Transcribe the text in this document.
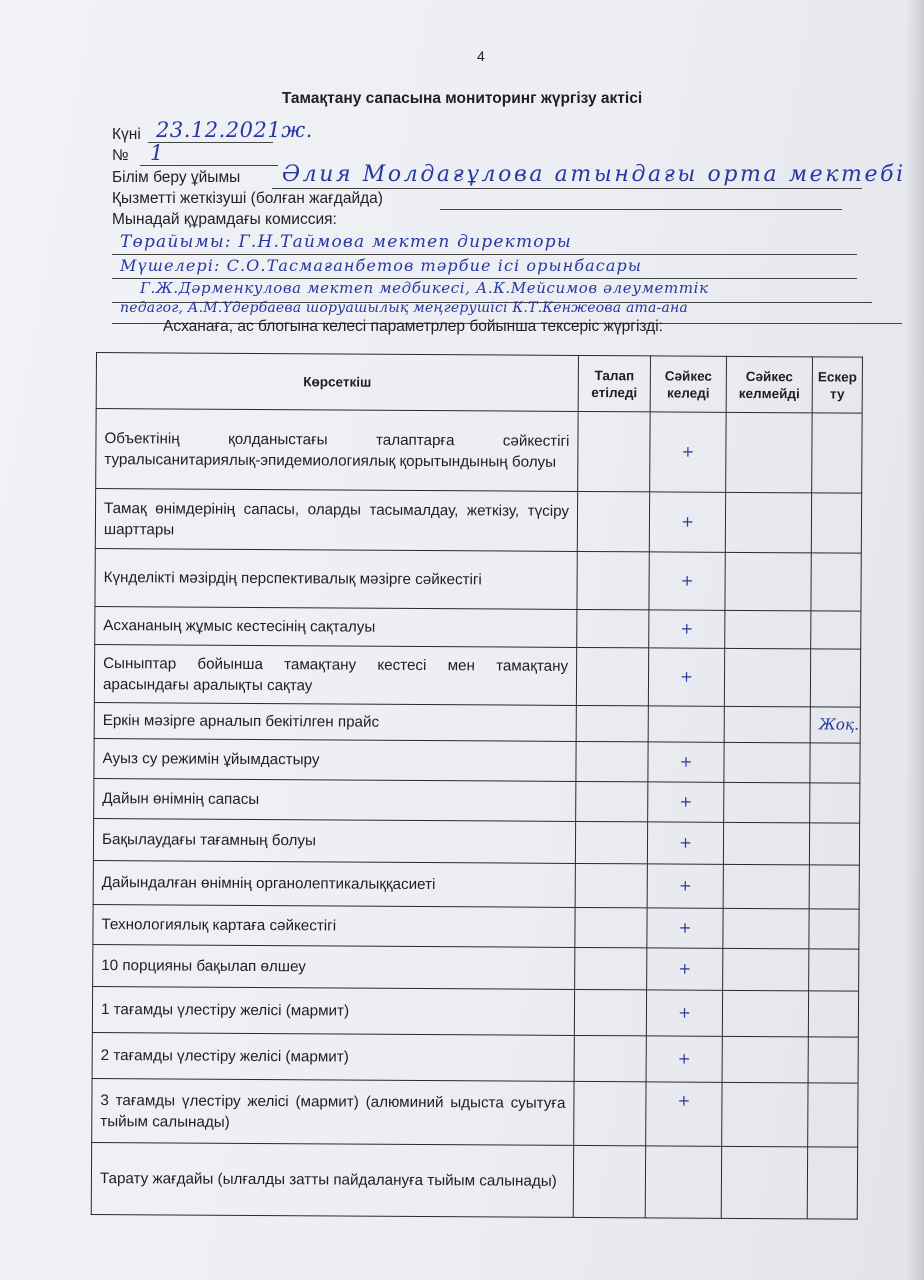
4
Тамақтану сапасына мониторинг жүргізу актісі
Күні 23.12.2021ж.
№ 1
Білім беру ұйымы Әлия Молдағұлова атындағы орта мектебі
Қызметті жеткізуші (болған жағдайда)
Мынадай құрамдағы комиссия:
Төрайымы: Г.Н.Таймова мектеп директоры
Мүшелері: С.О.Тасмағанбетов тәрбие ісі орынбасары
Г.Ж.Дәрменкулова мектеп медбикесі, А.К.Мейсимов әлеуметтік
педагог, А.М.Үдербаева шоруашылық меңгерушісі К.Т.Кенжеова ата-ана
Асханаға, ас блогына келесі параметрлер бойынша тексеріс жүргізді:
Көрсеткіш	Талап етіледі	Сәйкес келеді	Сәйкес келмейді	Ескер ту
Объектінің қолданыстағы талаптарға сәйкестігі туралысанитариялық-эпидемиологиялық қорытындының болуы		+		
Тамақ өнімдерінің сапасы, оларды тасымалдау, жеткізу, түсіру шарттары		+		
Күнделікті мәзірдің перспективалық мәзірге сәйкестігі		+		
Асхананың жұмыс кестесінің сақталуы		+		
Сыныптар бойынша тамақтану кестесі мен тамақтану арасындағы аралықты сақтау		+		
Еркін мәзірге арналып бекітілген прайс				Жоқ.
Ауыз су режимін ұйымдастыру		+		
Дайын өнімнің сапасы		+		
Бақылаудағы тағамның болуы		+		
Дайындалған өнімнің органолептикалыққасиеті		+		
Технологиялық картаға сәйкестігі		+		
10 порцияны бақылап өлшеу		+		
1 тағамды үлестіру желісі (мармит)		+		
2 тағамды үлестіру желісі (мармит)		+		
3 тағамды үлестіру желісі (мармит) (алюминий ыдыста суытуға тыйым салынады)		+		
Тарату жағдайы (ылғалды затты пайдалануға тыйым салынады)				
